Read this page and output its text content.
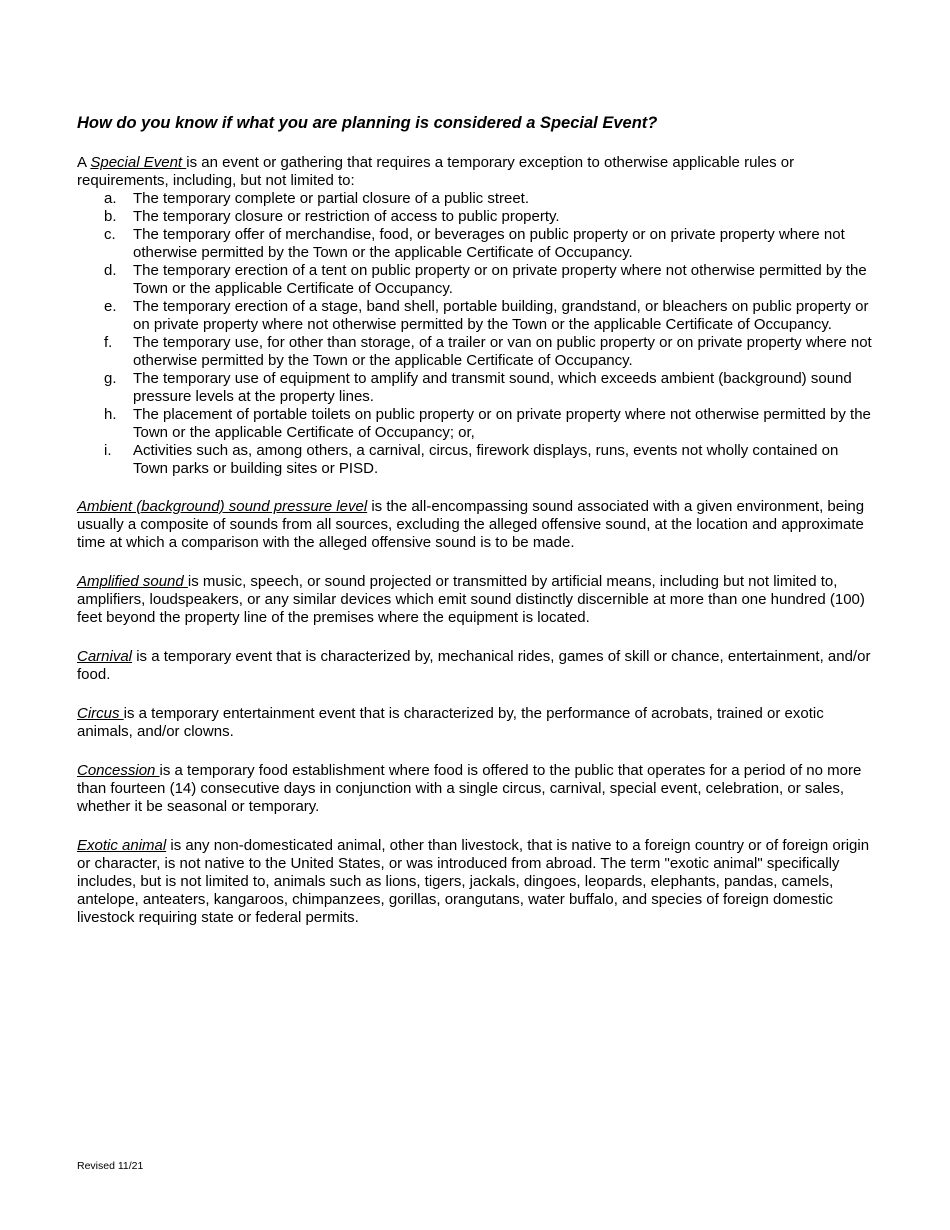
How do you know if what you are planning is considered a Special Event?

A Special Event is an event or gathering that requires a temporary exception to otherwise applicable rules or requirements, including, but not limited to:

a.	The temporary complete or partial closure of a public street.
b.	The temporary closure or restriction of access to public property.
c.	The temporary offer of merchandise, food, or beverages on public property or on private property where not otherwise permitted by the Town or the applicable Certificate of Occupancy.
d.	The temporary erection of a tent on public property or on private property where not otherwise permitted by the Town or the applicable Certificate of Occupancy.
e.	The temporary erection of a stage, band shell, portable building, grandstand, or bleachers on public property or on private property where not otherwise permitted by the Town or the applicable Certificate of Occupancy.
f.	The temporary use, for other than storage, of a trailer or van on public property or on private property where not otherwise permitted by the Town or the applicable Certificate of Occupancy.
g.	The temporary use of equipment to amplify and transmit sound, which exceeds ambient (background) sound pressure levels at the property lines.
h.	The placement of portable toilets on public property or on private property where not otherwise permitted by the Town or the applicable Certificate of Occupancy; or,
i.	Activities such as, among others, a carnival, circus, firework displays, runs, events not wholly contained on Town parks or building sites or PISD.

Ambient (background) sound pressure level is the all-encompassing sound associated with a given environment, being usually a composite of sounds from all sources, excluding the alleged offensive sound, at the location and approximate time at which a comparison with the alleged offensive sound is to be made.

Amplified sound is music, speech, or sound projected or transmitted by artificial means, including but not limited to, amplifiers, loudspeakers, or any similar devices which emit sound distinctly discernible at more than one hundred (100) feet beyond the property line of the premises where the equipment is located.

Carnival is a temporary event that is characterized by, mechanical rides, games of skill or chance, entertainment, and/or food.

Circus is a temporary entertainment event that is characterized by, the performance of acrobats, trained or exotic animals, and/or clowns.

Concession is a temporary food establishment where food is offered to the public that operates for a period of no more than fourteen (14) consecutive days in conjunction with a single circus, carnival, special event, celebration, or sales, whether it be seasonal or temporary.

Exotic animal is any non-domesticated animal, other than livestock, that is native to a foreign country or of foreign origin or character, is not native to the United States, or was introduced from abroad. The term "exotic animal" specifically includes, but is not limited to, animals such as lions, tigers, jackals, dingoes, leopards, elephants, pandas, camels, antelope, anteaters, kangaroos, chimpanzees, gorillas, orangutans, water buffalo, and species of foreign domestic livestock requiring state or federal permits.

Revised 11/21
